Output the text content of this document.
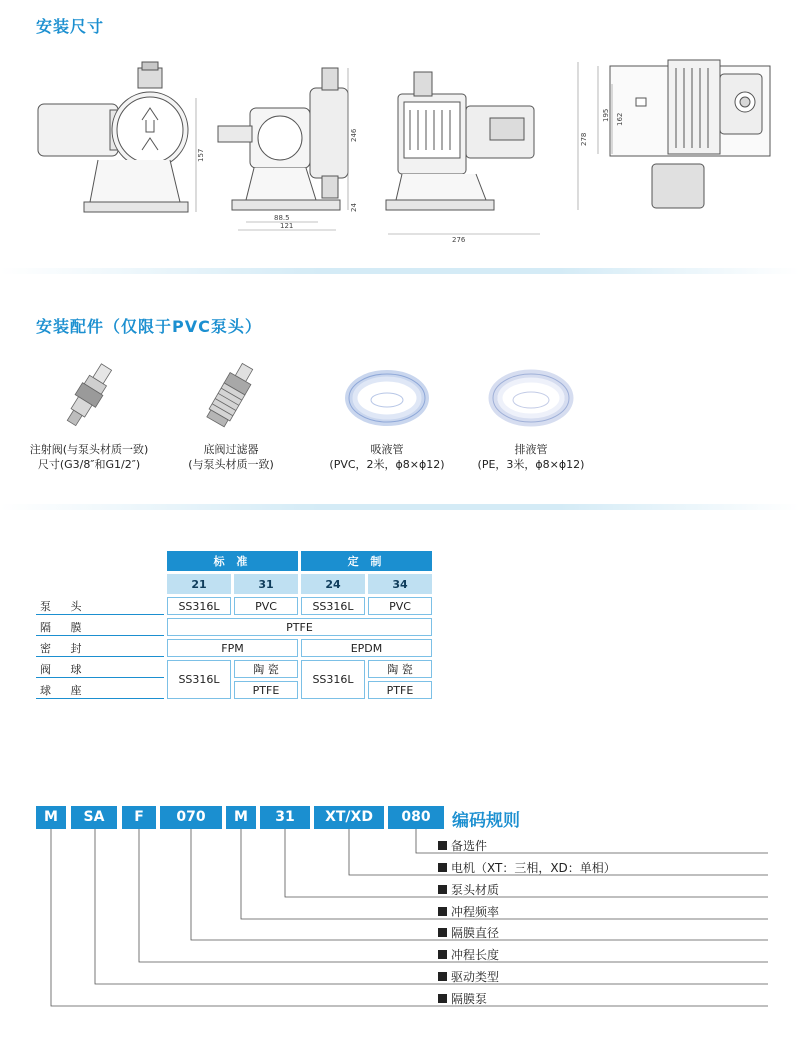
安装尺寸
157
88.5
121
246
24
276
278
195 162
安装配件（仅限于PVC泵头）
注射阀(与泵头材质一致)
尺寸(G3/8″和G1/2″)
底阀过滤器
(与泵头材质一致)
吸液管
(PVC，2米，ϕ8×ϕ12)
排液管
(PE，3米，ϕ8×ϕ12)
	标 准		定 制	
	21	31	24	34
泵 头	SS316L	PVC	SS316L	PVC
隔 膜	PTFE			
密 封	FPM		EPDM	
阀 球	SS316L	陶 瓷	SS316L	陶 瓷
球 座		PTFE		PTFE
M	SA	F	070	M	31	XT/XD	080	编码规则
备选件
电机（XT：三相，XD：单相）
泵头材质
冲程频率
隔膜直径
冲程长度
驱动类型
隔膜泵
